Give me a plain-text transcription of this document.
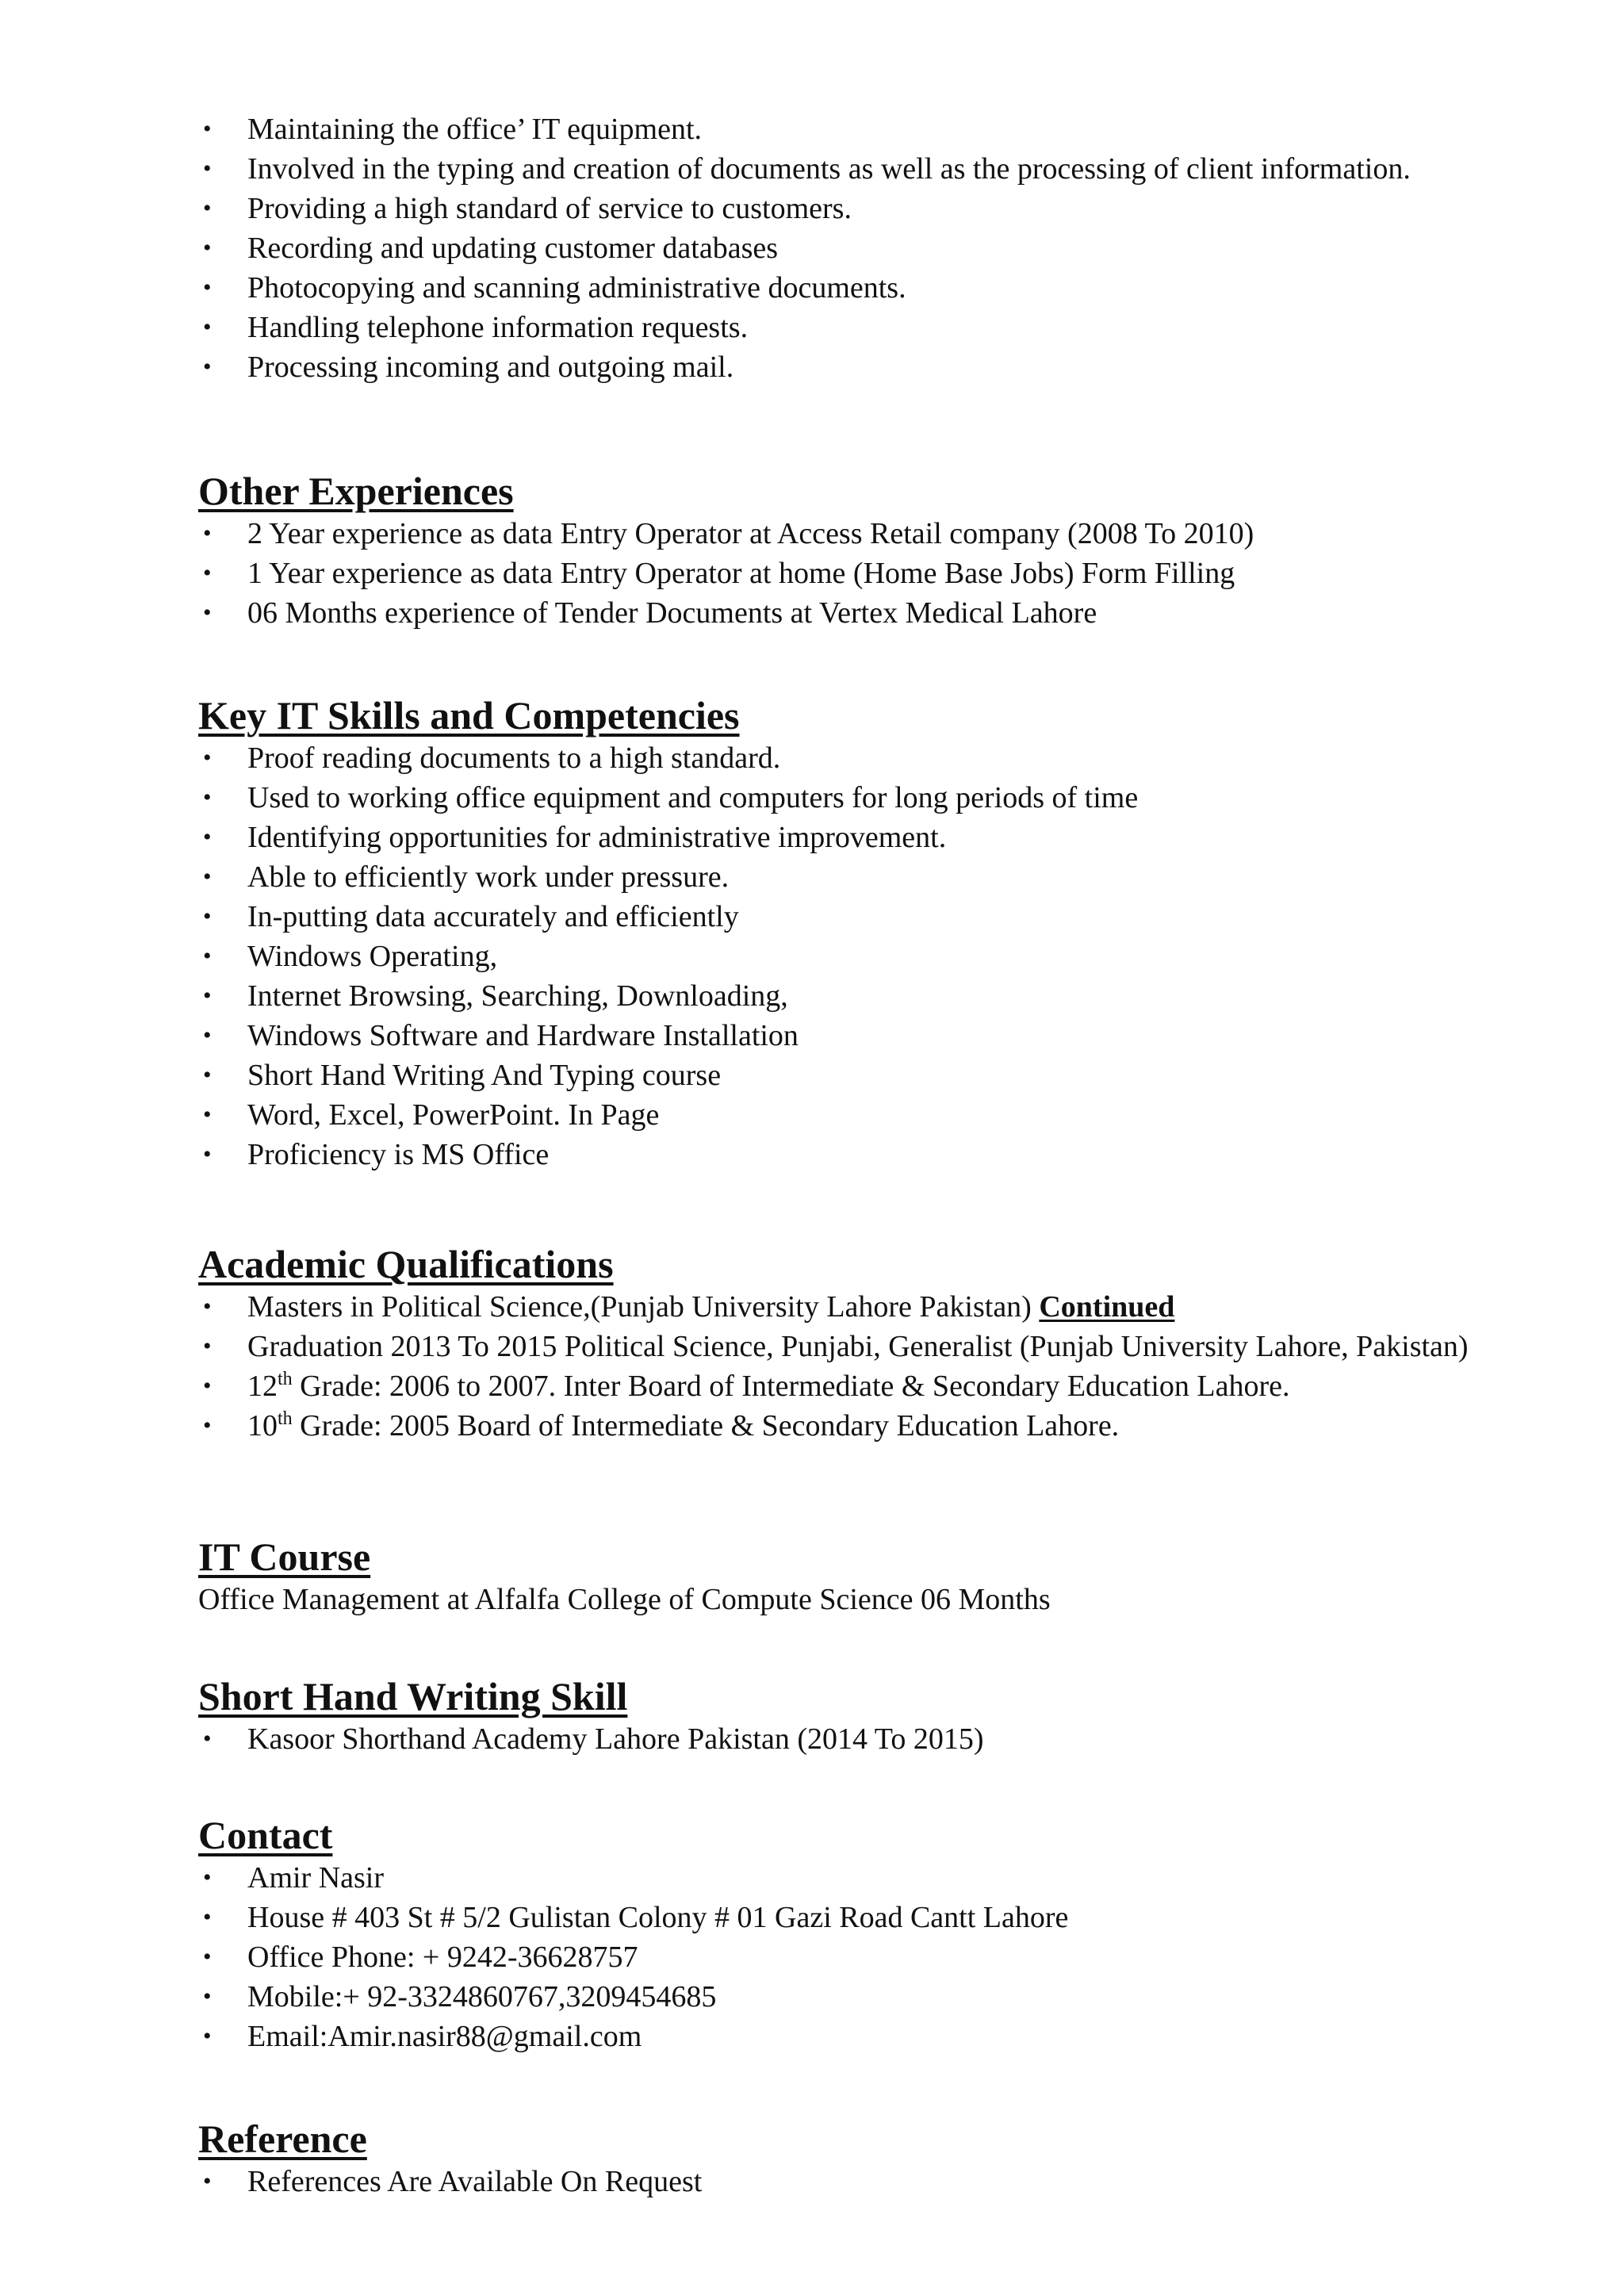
• Maintaining the office’ IT equipment.
• Involved in the typing and creation of documents as well as the processing of client information.
• Providing a high standard of service to customers.
• Recording and updating customer databases
• Photocopying and scanning administrative documents.
• Handling telephone information requests.
• Processing incoming and outgoing mail.
Other Experiences
• 2 Year experience as data Entry Operator at Access Retail company (2008 To 2010)
• 1 Year experience as data Entry Operator at home (Home Base Jobs) Form Filling
• 06 Months experience of Tender Documents at Vertex Medical Lahore
Key IT Skills and Competencies
• Proof reading documents to a high standard.
• Used to working office equipment and computers for long periods of time
• Identifying opportunities for administrative improvement.
• Able to efficiently work under pressure.
• In-putting data accurately and efficiently
• Windows Operating,
• Internet Browsing, Searching, Downloading,
• Windows Software and Hardware Installation
• Short Hand Writing And Typing course
• Word, Excel, PowerPoint. In Page
• Proficiency is MS Office
Academic Qualifications
• Masters in Political Science,(Punjab University Lahore Pakistan) Continued
• Graduation 2013 To 2015 Political Science, Punjabi, Generalist (Punjab University Lahore, Pakistan)
• 12th Grade: 2006 to 2007. Inter Board of Intermediate & Secondary Education Lahore.
• 10th Grade: 2005 Board of Intermediate & Secondary Education Lahore.
IT Course
Office Management at Alfalfa College of Compute Science 06 Months
Short Hand Writing Skill
• Kasoor Shorthand Academy Lahore Pakistan (2014 To 2015)
Contact
• Amir Nasir
• House # 403 St # 5/2 Gulistan Colony # 01 Gazi Road Cantt Lahore
• Office Phone: + 9242-36628757
• Mobile:+ 92-3324860767,3209454685
• Email:Amir.nasir88@gmail.com
Reference
• References Are Available On Request
